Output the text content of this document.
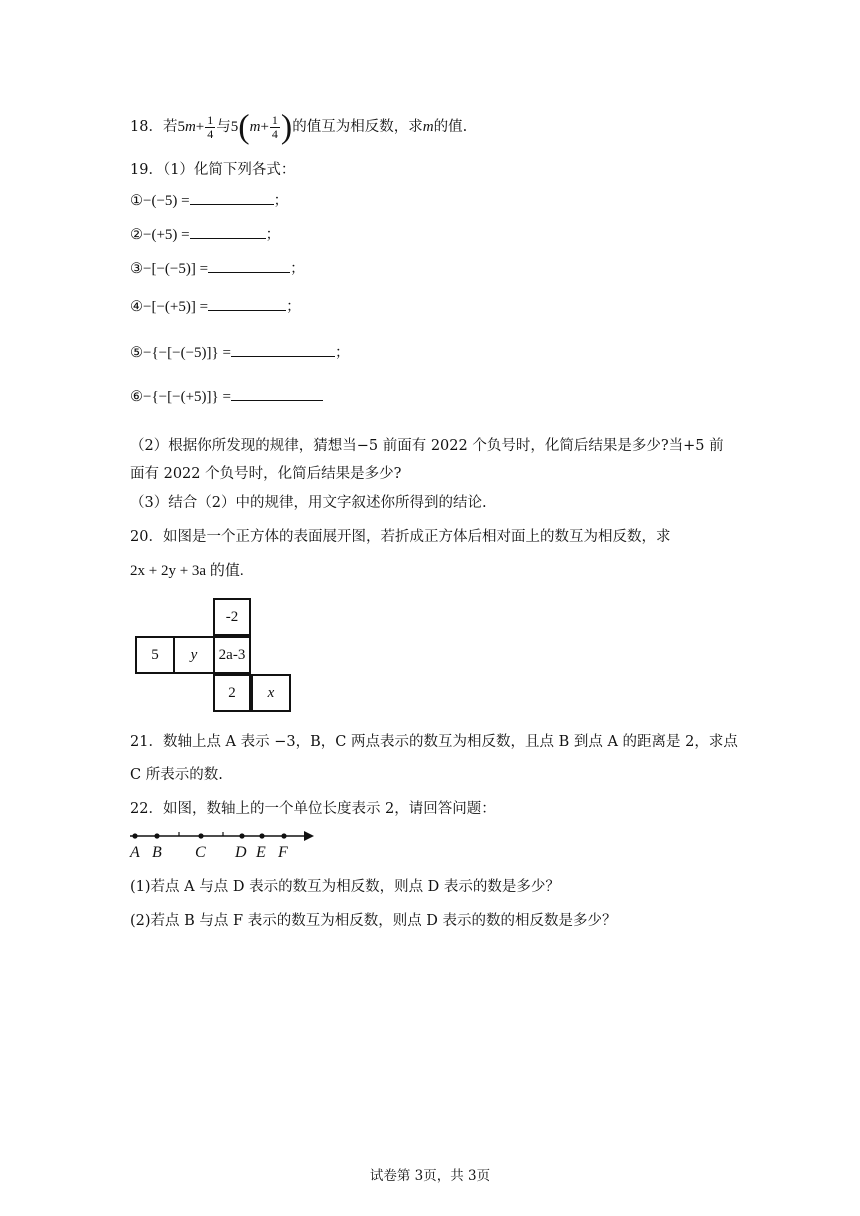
18．若$5m+ \frac{1}{4}$ 与$5(m+ \frac{1}{4}$ )的值互为相反数，求m的值.
19．（1）化简下列各式：
①−(−5) =	；
②−(+5) =	；
③−[−(−5)] =	；
④−[−(+5)] =	；
⑤−{−[−(−5)]} =	；
⑥−{−[−(+5)]} =
（2）根据你所发现的规律，猜想当−5 前面有 2022 个负号时，化简后结果是多少?当+5 前
面有 2022 个负号时，化简后结果是多少?
（3）结合（2）中的规律，用文字叙述你所得到的结论.
20．如图是一个正方体的表面展开图，若折成正方体后相对面上的数互为相反数，求
2x + 2y + 3a 的值.
-2
5	y	2a-3
2	x
21．数轴上点 A 表示 −3，B，C 两点表示的数互为相反数，且点 B 到点 A 的距离是 2，求点
C 所表示的数.
22．如图，数轴上的一个单位长度表示 2，请回答问题：
A B C D E F
(1)若点 A 与点 D 表示的数互为相反数，则点 D 表示的数是多少？
(2)若点 B 与点 F 表示的数互为相反数，则点 D 表示的数的相反数是多少？
试卷第 3页，共 3页
